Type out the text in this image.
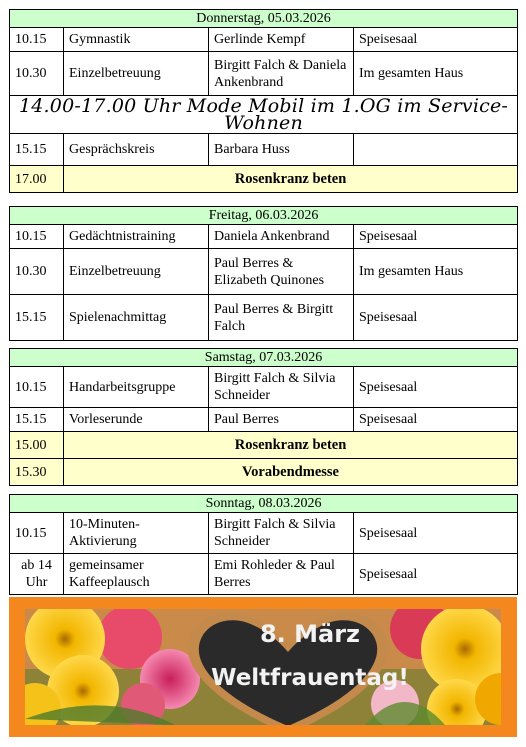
Donnerstag, 05.03.2026			
10.15	Gymnastik	Gerlinde Kempf	Speisesaal
10.30	Einzelbetreuung	Birgitt Falch & Daniela Ankenbrand	Im gesamten Haus
14.00-17.00 Uhr Mode Mobil im 1.OG im Service-Wohnen			
15.15	Gesprächskreis	Barbara Huss	
17.00	Rosenkranz beten		
Freitag, 06.03.2026			
10.15	Gedächtnistraining	Daniela Ankenbrand	Speisesaal
10.30	Einzelbetreuung	Paul Berres & Elizabeth Quinones	Im gesamten Haus
15.15	Spielenachmittag	Paul Berres & Birgitt Falch	Speisesaal
Samstag, 07.03.2026			
10.15	Handarbeitsgruppe	Birgitt Falch & Silvia Schneider	Speisesaal
15.15	Vorleserunde	Paul Berres	Speisesaal
15.00	Rosenkranz beten		
15.30	Vorabendmesse		
Sonntag, 08.03.2026			
10.15	10-Minuten-Aktivierung	Birgitt Falch & Silvia Schneider	Speisesaal
ab 14 Uhr	gemeinsamer Kaffeeplausch	Emi Rohleder & Paul Berres	Speisesaal
8. März
Weltfrauentag!
